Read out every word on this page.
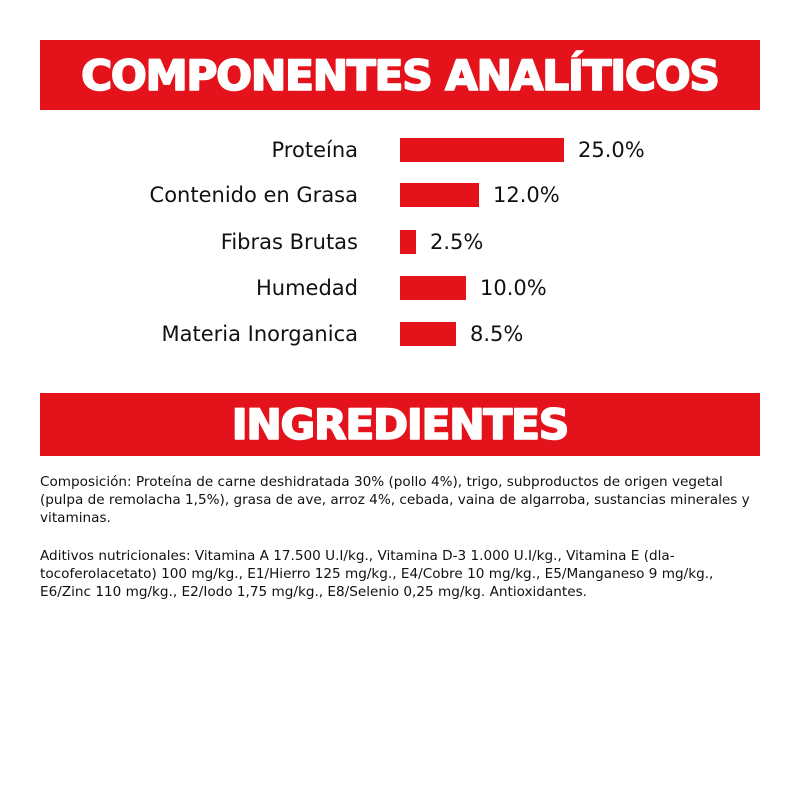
COMPONENTES ANALÍTICOS
Proteína	25.0%
Contenido en Grasa	12.0%
Fibras Brutas	2.5%
Humedad	10.0%
Materia Inorganica	8.5%
INGREDIENTES
Composición: Proteína de carne deshidratada 30% (pollo 4%), trigo, subproductos de origen vegetal (pulpa de remolacha 1,5%), grasa de ave, arroz 4%, cebada, vaina de algarroba, sustancias minerales y vitaminas.
Aditivos nutricionales: Vitamina A 17.500 U.I/kg., Vitamina D-3 1.000 U.I/kg., Vitamina E (dla-tocoferolacetato) 100 mg/kg., E1/Hierro 125 mg/kg., E4/Cobre 10 mg/kg., E5/Manganeso 9 mg/kg., E6/Zinc 110 mg/kg., E2/Iodo 1,75 mg/kg., E8/Selenio 0,25 mg/kg. Antioxidantes.
